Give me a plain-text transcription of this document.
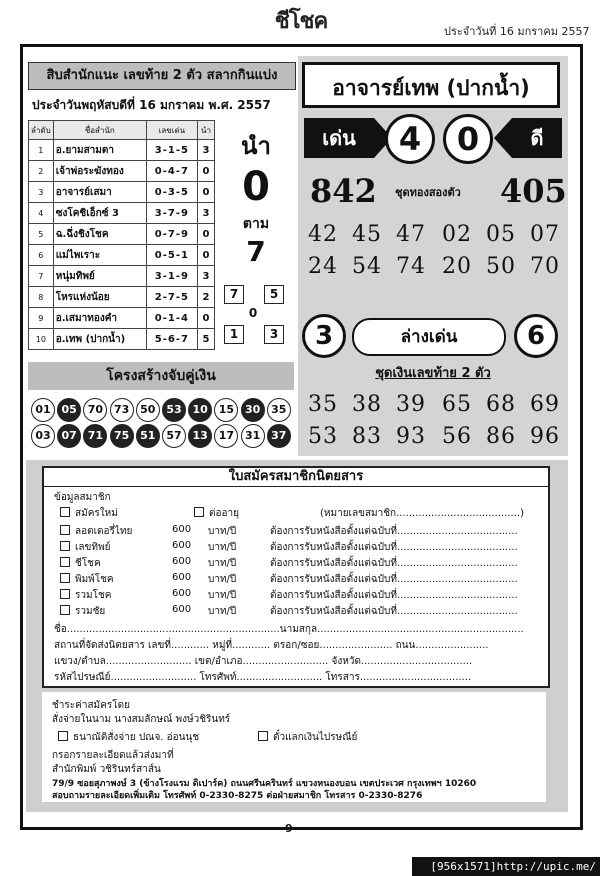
ชีโชค	ประจำวันที่ 16 มกราคม 2557
สิบสำนักแนะ เลขท้าย 2 ตัว สลากกินแบ่ง
ประจำวันพฤหัสบดีที่ 16 มกราคม พ.ศ. 2557
ลำดับ	ชื่อสำนัก	เลขเด่น	นำ
1	อ.ยามสามตา	3-1-5	3
2	เจ้าพ่อระฆังทอง	0-4-7	0
3	อาจารย์เสมา	0-3-5	0
4	ซงโคชิเอ็กซ์ 3	3-7-9	3
5	ฉ.ฉึ่งชิงโชค	0-7-9	0
6	แม่ไพเราะ	0-5-1	0
7	หนุ่มทิพย์	3-1-9	3
8	โหรแห่งน้อย	2-7-5	2
9	อ.เสมาทองคำ	0-1-4	0
10	อ.เทพ (ปากน้ำ)	5-6-7	5
นำ
0
ตาม
7
7	5
0
1	3
โครงสร้างจับคู่เงิน
01 05 70 73 50 53 10 15 30 35
03 07 71 75 51 57 13 17 31 37
อาจารย์เทพ (ปากน้ำ)
เด่น	4	0	ดี
842 ชุดทองสองตัว 405
42 45 47 02 05 07
24 54 74 20 50 70
3	ล่างเด่น	6
ชุดเงินเลขท้าย 2 ตัว
35 38 39 65 68 69
53 83 93 56 86 96
ใบสมัครสมาชิกนิตยสาร
ข้อมูลสมาชิก
สมัครใหม่	ต่ออายุ	(หมายเลขสมาชิก.......................................)
ลอตเตอรี่ไทย	600 บาท/ปี	ต้องการรับหนังสือตั้งแต่ฉบับที่......................................
เลขทิพย์	600 บาท/ปี	ต้องการรับหนังสือตั้งแต่ฉบับที่......................................
ชีโชค	600 บาท/ปี	ต้องการรับหนังสือตั้งแต่ฉบับที่......................................
พิมพ์โชค	600 บาท/ปี	ต้องการรับหนังสือตั้งแต่ฉบับที่......................................
รวมโชค	600 บาท/ปี	ต้องการรับหนังสือตั้งแต่ฉบับที่......................................
รวมชัย	600 บาท/ปี	ต้องการรับหนังสือตั้งแต่ฉบับที่......................................
ชื่อ...................................................................นามสกุล.................................................................
สถานที่จัดส่งนิตยสาร เลขที่............ หมู่ที่............ ตรอก/ซอย....................... ถนน.......................
แขวง/ตำบล........................... เขต/อำเภอ........................... จังหวัด...................................
รหัสไปรษณีย์........................... โทรศัพท์........................... โทรสาร...................................
ชำระค่าสมัครโดย
สั่งจ่ายในนาม นางสมลักษณ์ พงษ์วชิรินทร์
ธนาณัติสั่งจ่าย ปณจ. อ่อนนุช	ตั๋วแลกเงินไปรษณีย์
กรอกรายละเอียดแล้วส่งมาที่
สำนักพิมพ์ วชิรินทร์สาส์น
79/9 ซอยสุภาพงษ์ 3 (ข้างโรงแรม ดิเปาร์ค) ถนนศรีนครินทร์ แขวงหนองบอน เขตประเวศ กรุงเทพฯ 10260
สอบถามรายละเอียดเพิ่มเติม โทรศัพท์ 0-2330-8275 ต่อฝ่ายสมาชิก โทรสาร 0-2330-8276
9
[956x1571]http://upic.me/
